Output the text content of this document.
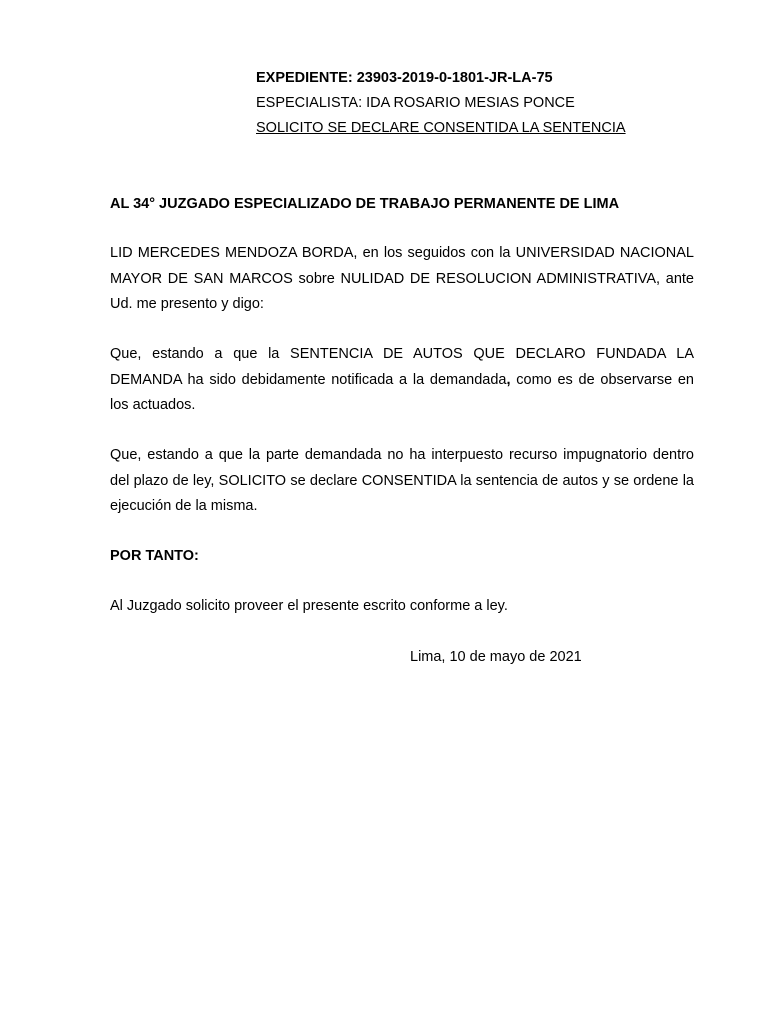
EXPEDIENTE: 23903-2019-0-1801-JR-LA-75
ESPECIALISTA: IDA ROSARIO MESIAS PONCE
SOLICITO SE DECLARE CONSENTIDA LA SENTENCIA
AL 34° JUZGADO ESPECIALIZADO DE TRABAJO PERMANENTE DE LIMA
LID MERCEDES MENDOZA BORDA, en los seguidos con la UNIVERSIDAD NACIONAL MAYOR DE SAN MARCOS sobre NULIDAD DE RESOLUCION ADMINISTRATIVA, ante Ud. me presento y digo:
Que, estando a que la SENTENCIA DE AUTOS QUE DECLARO FUNDADA LA DEMANDA ha sido debidamente notificada a la demandada, como es de observarse en los actuados.
Que, estando a que la parte demandada no ha interpuesto recurso impugnatorio dentro del plazo de ley, SOLICITO se declare CONSENTIDA la sentencia de autos y se ordene la ejecución de la misma.
POR TANTO:
Al Juzgado solicito proveer el presente escrito conforme a ley.
Lima, 10 de mayo de 2021
